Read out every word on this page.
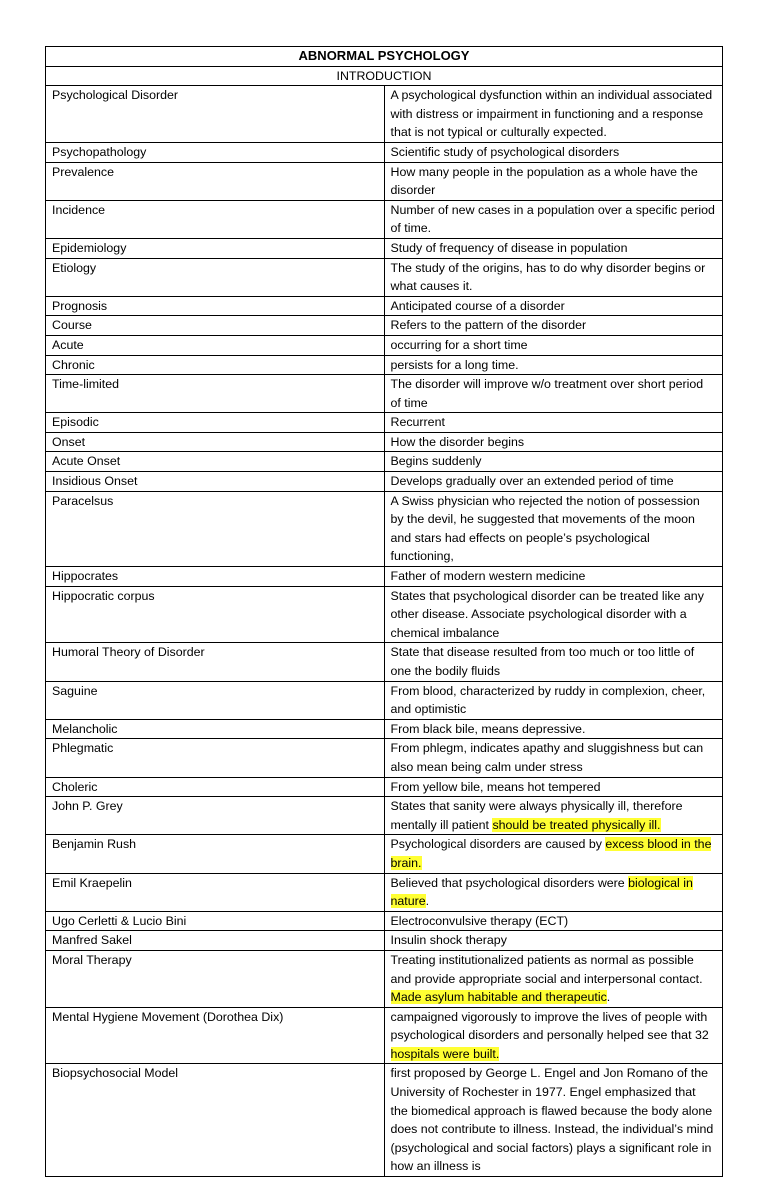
ABNORMAL PSYCHOLOGY	
INTRODUCTION	
Psychological Disorder	A psychological dysfunction within an individual associated with distress or impairment in functioning and a response that is not typical or culturally expected.
Psychopathology	Scientific study of psychological disorders
Prevalence	How many people in the population as a whole have the disorder
Incidence	Number of new cases in a population over a specific period of time.
Epidemiology	Study of frequency of disease in population
Etiology	The study of the origins, has to do why disorder begins or what causes it.
Prognosis	Anticipated course of a disorder
Course	Refers to the pattern of the disorder
Acute	occurring for a short time
Chronic	persists for a long time.
Time-limited	The disorder will improve w/o treatment over short period of time
Episodic	Recurrent
Onset	How the disorder begins
Acute Onset	Begins suddenly
Insidious Onset	Develops gradually over an extended period of time
Paracelsus	A Swiss physician who rejected the notion of possession by the devil, he suggested that movements of the moon and stars had effects on people’s psychological functioning,
Hippocrates	Father of modern western medicine
Hippocratic corpus	States that psychological disorder can be treated like any other disease. Associate psychological disorder with a chemical imbalance
Humoral Theory of Disorder	State that disease resulted from too much or too little of one the bodily fluids
Saguine	From blood, characterized by ruddy in complexion, cheer, and optimistic
Melancholic	From black bile, means depressive.
Phlegmatic	From phlegm, indicates apathy and sluggishness but can also mean being calm under stress
Choleric	From yellow bile, means hot tempered
John P. Grey	States that sanity were always physically ill, therefore mentally ill patient should be treated physically ill.
Benjamin Rush	Psychological disorders are caused by excess blood in the brain.
Emil Kraepelin	Believed that psychological disorders were biological in nature.
Ugo Cerletti & Lucio Bini	Electroconvulsive therapy (ECT)
Manfred Sakel	Insulin shock therapy
Moral Therapy	Treating institutionalized patients as normal as possible and provide appropriate social and interpersonal contact. Made asylum habitable and therapeutic.
Mental Hygiene Movement (Dorothea Dix)	campaigned vigorously to improve the lives of people with psychological disorders and personally helped see that 32 hospitals were built.
Biopsychosocial Model	first proposed by George L. Engel and Jon Romano of the University of Rochester in 1977. Engel emphasized that the biomedical approach is flawed because the body alone does not contribute to illness. Instead, the individual’s mind (psychological and social factors) plays a significant role in how an illness is
